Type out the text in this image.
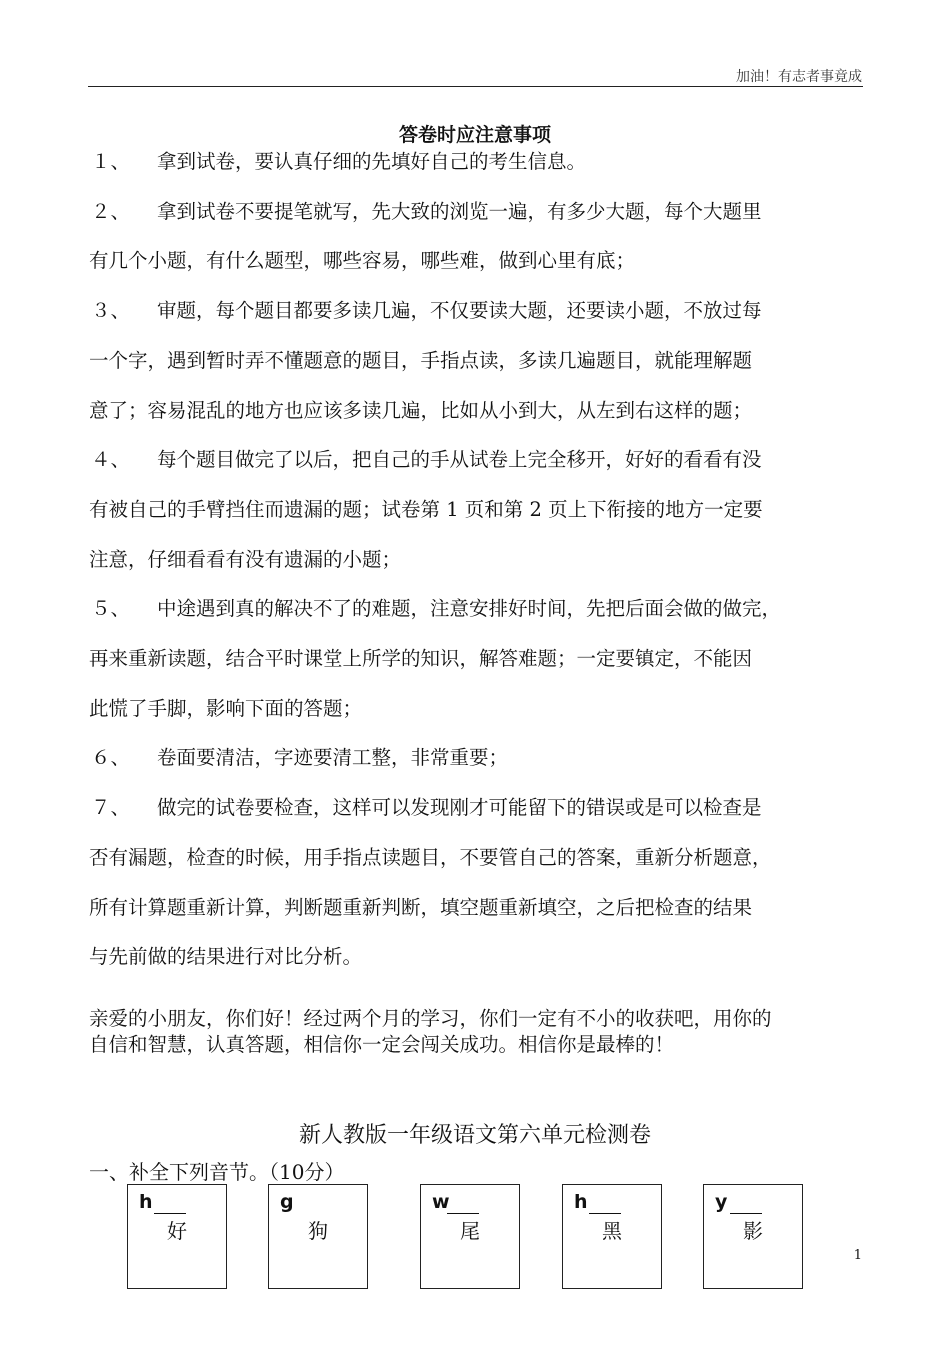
加油！有志者事竟成
答卷时应注意事项

１、 拿到试卷，要认真仔细的先填好自己的考生信息。

２、 拿到试卷不要提笔就写，先大致的浏览一遍，有多少大题，每个大题里

有几个小题，有什么题型，哪些容易，哪些难，做到心里有底；

３、 审题，每个题目都要多读几遍，不仅要读大题，还要读小题，不放过每

一个字，遇到暂时弄不懂题意的题目，手指点读，多读几遍题目，就能理解题

意了；容易混乱的地方也应该多读几遍，比如从小到大，从左到右这样的题；

４、 每个题目做完了以后，把自己的手从试卷上完全移开，好好的看看有没

有被自己的手臂挡住而遗漏的题；试卷第 1 页和第 2 页上下衔接的地方一定要

注意，仔细看看有没有遗漏的小题；

５、 中途遇到真的解决不了的难题，注意安排好时间，先把后面会做的做完，

再来重新读题，结合平时课堂上所学的知识，解答难题；一定要镇定，不能因

此慌了手脚，影响下面的答题；

６、 卷面要清洁，字迹要清工整，非常重要；

７、 做完的试卷要检查，这样可以发现刚才可能留下的错误或是可以检查是

否有漏题，检查的时候，用手指点读题目，不要管自己的答案，重新分析题意，

所有计算题重新计算，判断题重新判断，填空题重新填空，之后把检查的结果

与先前做的结果进行对比分析。

亲爱的小朋友，你们好！经过两个月的学习，你们一定有不小的收获吧，用你的

自信和智慧，认真答题，相信你一定会闯关成功。相信你是最棒的！

新人教版一年级语文第六单元检测卷
一、补全下列音节。（10分）
h
好
g
狗
w
尾
h
黑
y
影
1
